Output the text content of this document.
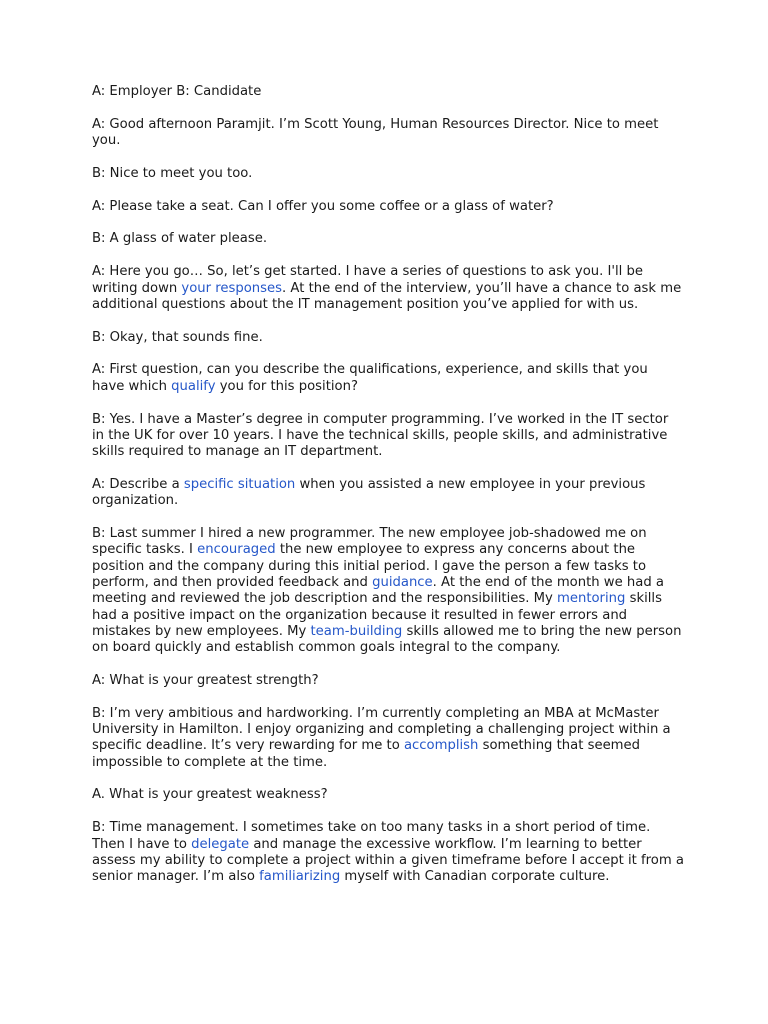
A: Employer B: Candidate

A: Good afternoon Paramjit. I’m Scott Young, Human Resources Director. Nice to meet you.

B: Nice to meet you too.

A: Please take a seat. Can I offer you some coffee or a glass of water?

B: A glass of water please.

A: Here you go… So, let’s get started. I have a series of questions to ask you. I'll be writing down your responses. At the end of the interview, you’ll have a chance to ask me additional questions about the IT management position you’ve applied for with us.

B: Okay, that sounds fine.

A: First question, can you describe the qualifications, experience, and skills that you have which qualify you for this position?

B: Yes. I have a Master’s degree in computer programming. I’ve worked in the IT sector in the UK for over 10 years. I have the technical skills, people skills, and administrative skills required to manage an IT department.

A: Describe a specific situation when you assisted a new employee in your previous organization.

B: Last summer I hired a new programmer. The new employee job-shadowed me on specific tasks. I encouraged the new employee to express any concerns about the position and the company during this initial period. I gave the person a few tasks to perform, and then provided feedback and guidance. At the end of the month we had a meeting and reviewed the job description and the responsibilities. My mentoring skills had a positive impact on the organization because it resulted in fewer errors and mistakes by new employees. My team-building skills allowed me to bring the new person on board quickly and establish common goals integral to the company.

A: What is your greatest strength?

B: I’m very ambitious and hardworking. I’m currently completing an MBA at McMaster University in Hamilton. I enjoy organizing and completing a challenging project within a specific deadline. It’s very rewarding for me to accomplish something that seemed impossible to complete at the time.

A. What is your greatest weakness?

B: Time management. I sometimes take on too many tasks in a short period of time. Then I have to delegate and manage the excessive workflow. I’m learning to better assess my ability to complete a project within a given timeframe before I accept it from a senior manager. I’m also familiarizing myself with Canadian corporate culture.
